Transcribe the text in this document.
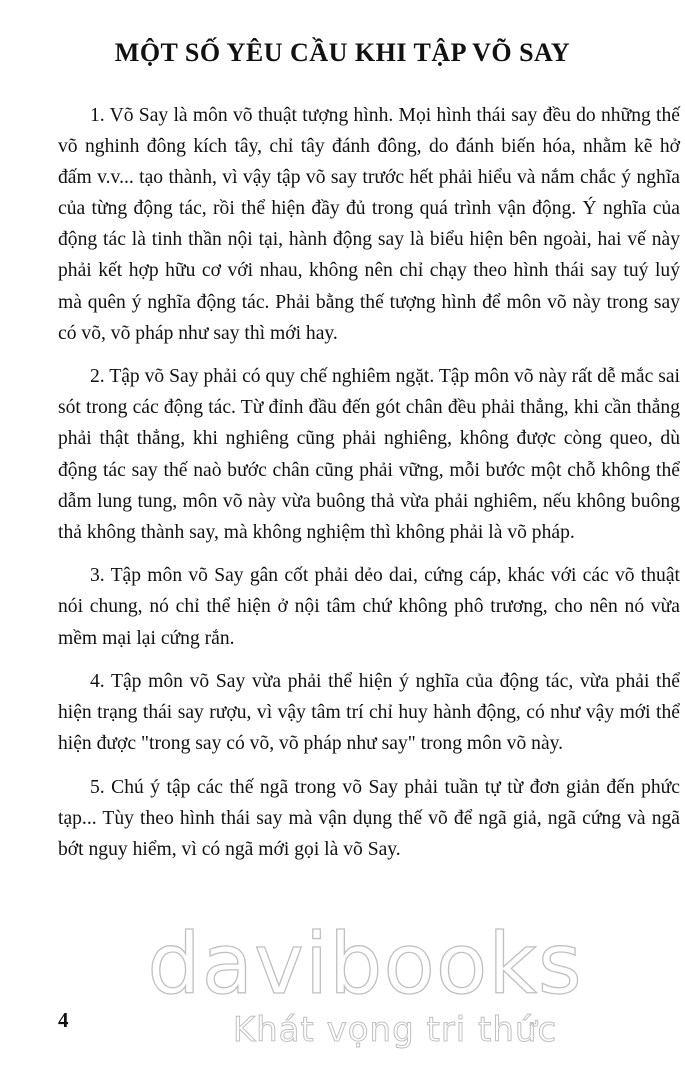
MỘT SỐ YÊU CẦU KHI TẬP VÕ SAY

1. Võ Say là môn võ thuật tượng hình. Mọi hình thái say đều do những thế võ nghinh đông kích tây, chỉ tây đánh đông, do đánh biến hóa, nhằm kẽ hở đấm v.v... tạo thành, vì vậy tập võ say trước hết phải hiểu và nắm chắc ý nghĩa của từng động tác, rồi thể hiện đầy đủ trong quá trình vận động. Ý nghĩa của động tác là tinh thần nội tại, hành động say là biểu hiện bên ngoài, hai vế này phải kết hợp hữu cơ với nhau, không nên chỉ chạy theo hình thái say tuý luý mà quên ý nghĩa động tác. Phải bằng thế tượng hình để môn võ này trong say có võ, võ pháp như say thì mới hay.

2. Tập võ Say phải có quy chế nghiêm ngặt. Tập môn võ này rất dễ mắc sai sót trong các động tác. Từ đỉnh đầu đến gót chân đều phải thẳng, khi cần thẳng phải thật thẳng, khi nghiêng cũng phải nghiêng, không được còng queo, dù động tác say thế naò bước chân cũng phải vững, mỗi bước một chỗ không thể dẫm lung tung, môn võ này vừa buông thả vừa phải nghiêm, nếu không buông thả không thành say, mà không nghiệm thì không phải là võ pháp.

3. Tập môn võ Say gân cốt phải dẻo dai, cứng cáp, khác với các võ thuật nói chung, nó chỉ thể hiện ở nội tâm chứ không phô trương, cho nên nó vừa mềm mại lại cứng rắn.

4. Tập môn võ Say vừa phải thể hiện ý nghĩa của động tác, vừa phải thể hiện trạng thái say rượu, vì vậy tâm trí chỉ huy hành động, có như vậy mới thể hiện được "trong say có võ, võ pháp như say" trong môn võ này.

5. Chú ý tập các thế ngã trong võ Say phải tuần tự từ đơn giản đến phức tạp... Tùy theo hình thái say mà vận dụng thế võ để ngã giả, ngã cứng và ngã bớt nguy hiểm, vì có ngã mới gọi là võ Say.

4
davibooks
Khát vọng tri thức
